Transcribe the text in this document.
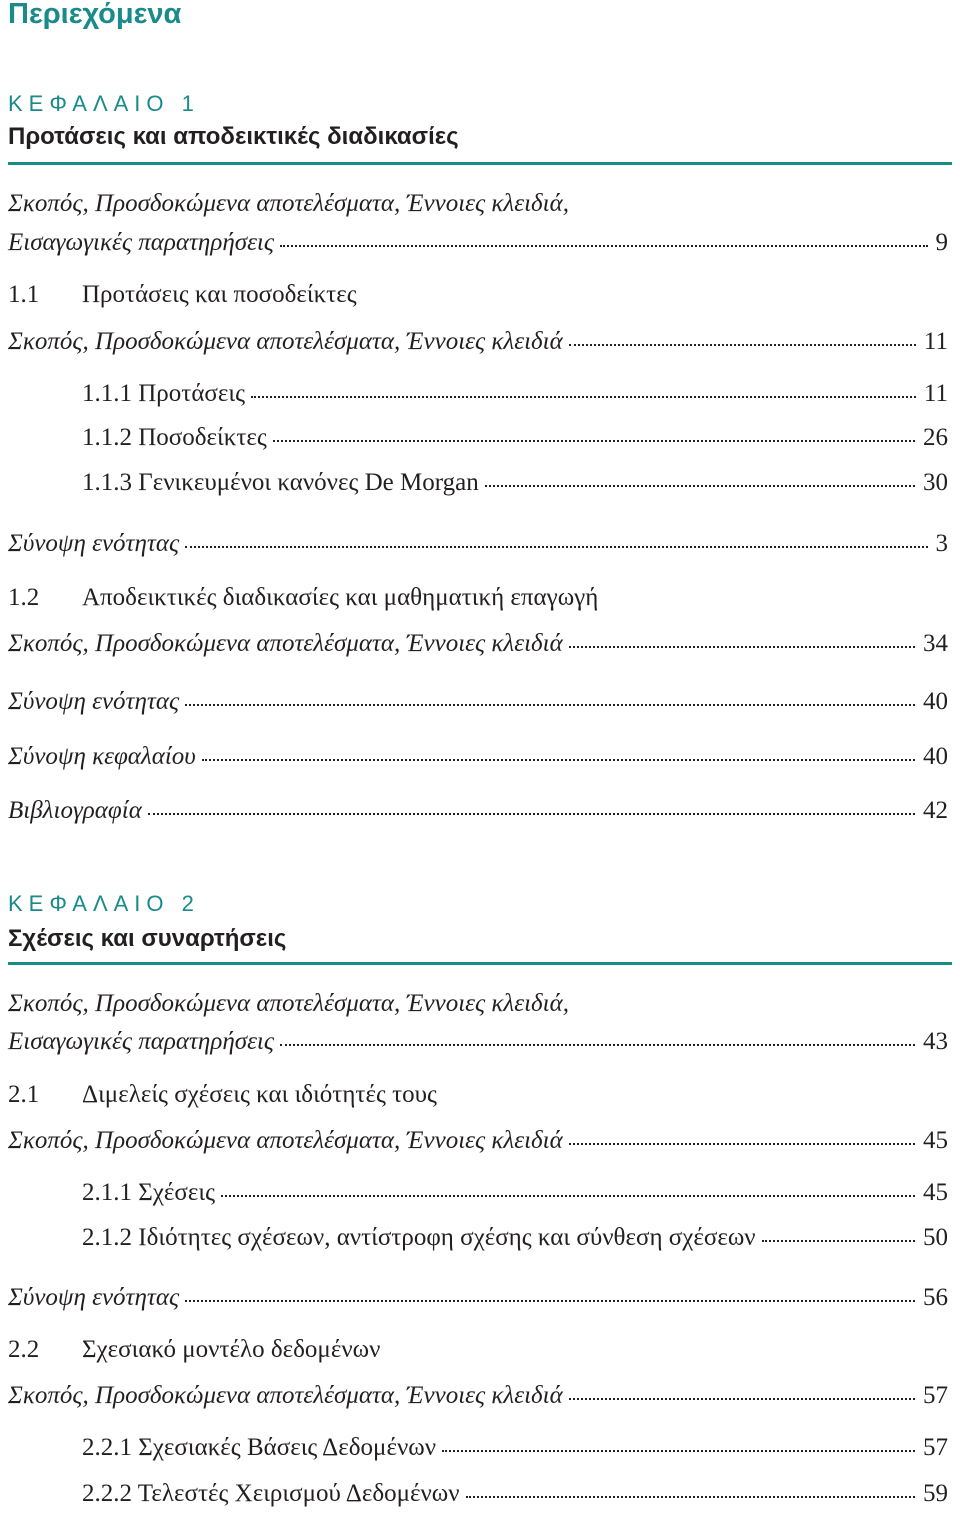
Περιεχόμενα
ΚΕΦΑΛΑΙΟ 1
Προτάσεις και αποδεικτικές διαδικασίες
Σκοπός, Προσδοκώμενα αποτελέσματα, Έννοιες κλειδιά,
Εισαγωγικές παρατηρήσεις	9
1.1	Προτάσεις και ποσοδείκτες
Σκοπός, Προσδοκώμενα αποτελέσματα, Έννοιες κλειδιά	11
1.1.1 Προτάσεις	11
1.1.2 Ποσοδείκτες	26
1.1.3 Γενικευμένοι κανόνες De Morgan	30
Σύνοψη ενότητας	3
1.2	Αποδεικτικές διαδικασίες και μαθηματική επαγωγή
Σκοπός, Προσδοκώμενα αποτελέσματα, Έννοιες κλειδιά	34
Σύνοψη ενότητας	40
Σύνοψη κεφαλαίου	40
Βιβλιογραφία	42
ΚΕΦΑΛΑΙΟ 2
Σχέσεις και συναρτήσεις
Σκοπός, Προσδοκώμενα αποτελέσματα, Έννοιες κλειδιά,
Εισαγωγικές παρατηρήσεις	43
2.1	Διμελείς σχέσεις και ιδιότητές τους
Σκοπός, Προσδοκώμενα αποτελέσματα, Έννοιες κλειδιά	45
2.1.1 Σχέσεις	45
2.1.2 Ιδιότητες σχέσεων, αντίστροφη σχέσης και σύνθεση σχέσεων	50
Σύνοψη ενότητας	56
2.2	Σχεσιακό μοντέλο δεδομένων
Σκοπός, Προσδοκώμενα αποτελέσματα, Έννοιες κλειδιά	57
2.2.1 Σχεσιακές Βάσεις Δεδομένων	57
2.2.2 Τελεστές Χειρισμού Δεδομένων	59
